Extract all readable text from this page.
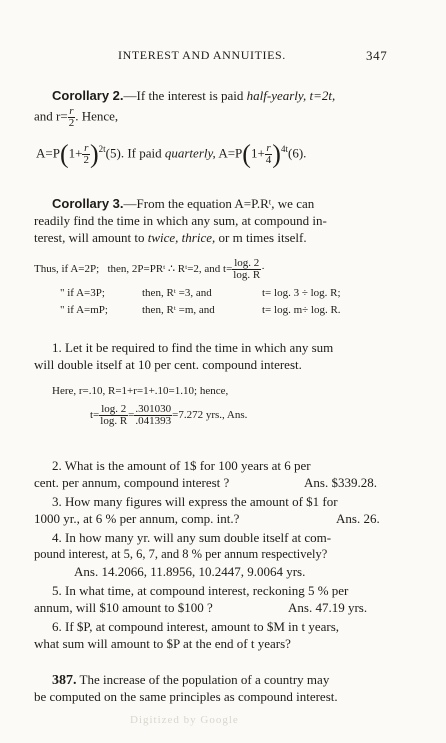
INTEREST AND ANNUITIES.	347
Corollary 2.—If the interest is paid half-yearly, t=2t,
and $r= \frac{r}{2}$ . Hence,
$A=P(1+ \frac{r}{2} )^{2t}(5)$. If paid quarterly, $A=P(1+ \frac{r}{4} )^{4t}(6)$.
Corollary 3.—From the equation A=P.Rᵗ, we can
readily find the time in which any sum, at compound in-
terest, will amount to twice, thrice, or m times itself.
Thus, if A=2P; then, 2P=PRᵗ ∴ Rᵗ=2, and $t= \frac{\log. 2}{\log. R}$ ·
" if A=3P;	then, Rᵗ =3, and	t= log. 3 ÷ log. R;
" if A=mP;	then, Rᵗ =m, and	t= log. m÷ log. R.
1. Let it be required to find the time in which any sum
will double itself at 10 per cent. compound interest.
Here, r=.10, R=1+r=1+.10=1.10; hence,
$t= \frac{\log. 2}{\log. R} = \frac{.301030}{.041393} =7.272$ yrs., Ans.
2. What is the amount of 1$ for 100 years at 6 per
cent. per annum, compound interest ?	Ans. $339.28.
3. How many figures will express the amount of $1 for
1000 yr., at 6 % per annum, comp. int.?	Ans. 26.
4. In how many yr. will any sum double itself at com-
pound interest, at 5, 6, 7, and 8 % per annum respectively?
Ans. 14.2066, 11.8956, 10.2447, 9.0064 yrs.
5. In what time, at compound interest, reckoning 5 % per
annum, will $10 amount to $100 ?	Ans. 47.19 yrs.
6. If $P, at compound interest, amount to $M in t years,
what sum will amount to $P at the end of t years?
387. The increase of the population of a country may
be computed on the same principles as compound interest.
Digitized by Google
